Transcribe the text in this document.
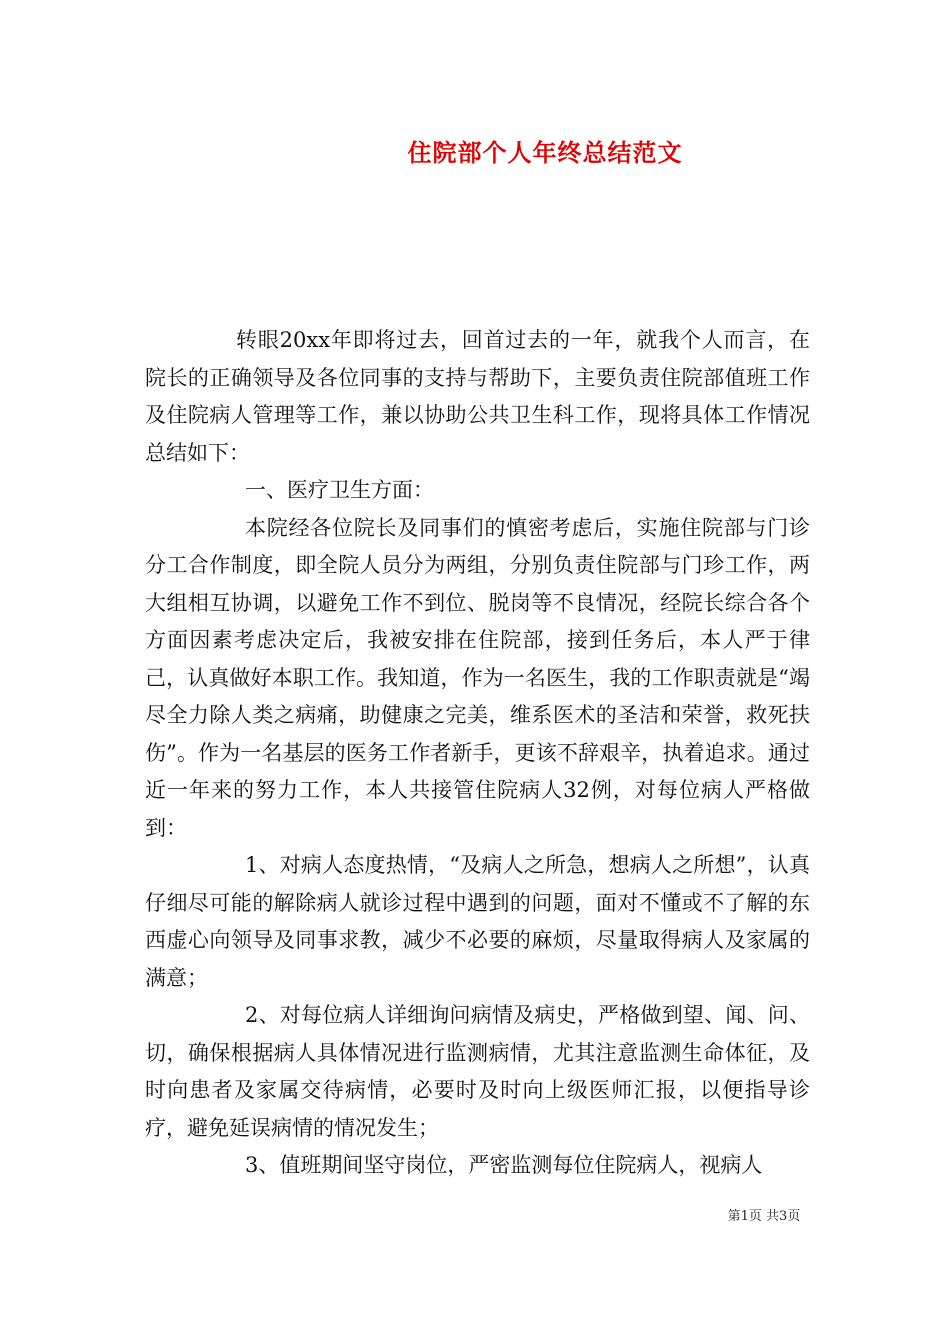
住院部个人年终总结范文

转眼20xx年即将过去，回首过去的一年，就我个人而言，在院长的正确领导及各位同事的支持与帮助下，主要负责住院部值班工作及住院病人管理等工作，兼以协助公共卫生科工作，现将具体工作情况总结如下：

一、医疗卫生方面：

本院经各位院长及同事们的慎密考虑后，实施住院部与门诊分工合作制度，即全院人员分为两组，分别负责住院部与门珍工作，两大组相互协调，以避免工作不到位、脱岗等不良情况，经院长综合各个方面因素考虑决定后，我被安排在住院部，接到任务后，本人严于律己，认真做好本职工作。我知道，作为一名医生，我的工作职责就是“竭尽全力除人类之病痛，助健康之完美，维系医术的圣洁和荣誉，救死扶伤”。作为一名基层的医务工作者新手，更该不辞艰辛，执着追求。通过近一年来的努力工作，本人共接管住院病人32例，对每位病人严格做到：

1、对病人态度热情，“及病人之所急，想病人之所想”，认真仔细尽可能的解除病人就诊过程中遇到的问题，面对不懂或不了解的东西虚心向领导及同事求教，减少不必要的麻烦，尽量取得病人及家属的满意；

2、对每位病人详细询问病情及病史，严格做到望、闻、问、切，确保根据病人具体情况进行监测病情，尤其注意监测生命体征，及时向患者及家属交待病情，必要时及时向上级医师汇报，以便指导诊疗，避免延误病情的情况发生；

3、值班期间坚守岗位，严密监测每位住院病人，视病人

第1页 共3页
